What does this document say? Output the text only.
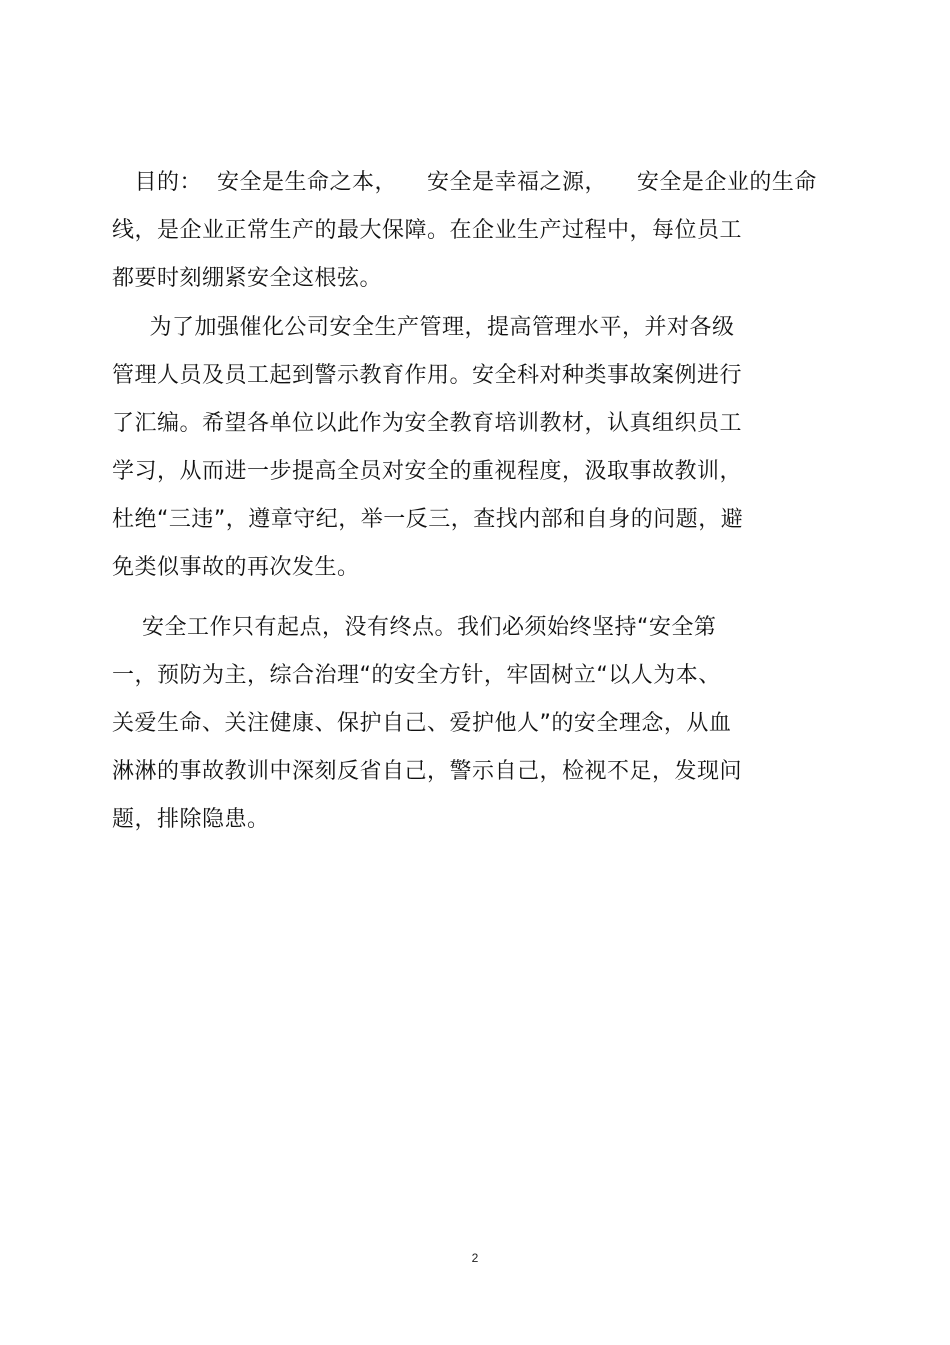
目的：  安全是生命之本，    安全是幸福之源，    安全是企业的生命
线，是企业正常生产的最大保障。在企业生产过程中，每位员工
都要时刻绷紧安全这根弦。
为了加强催化公司安全生产管理，提高管理水平，并对各级
管理人员及员工起到警示教育作用。安全科对种类事故案例进行
了汇编。希望各单位以此作为安全教育培训教材，认真组织员工
学习，从而进一步提高全员对安全的重视程度，汲取事故教训，
杜绝“三违”，遵章守纪，举一反三，查找内部和自身的问题，避
免类似事故的再次发生。
安全工作只有起点，没有终点。我们必须始终坚持“安全第
一，预防为主，综合治理“的安全方针，牢固树立“以人为本、
关爱生命、关注健康、保护自己、爱护他人”的安全理念，从血
淋淋的事故教训中深刻反省自己，警示自己，检视不足，发现问
题，排除隐患。
2
